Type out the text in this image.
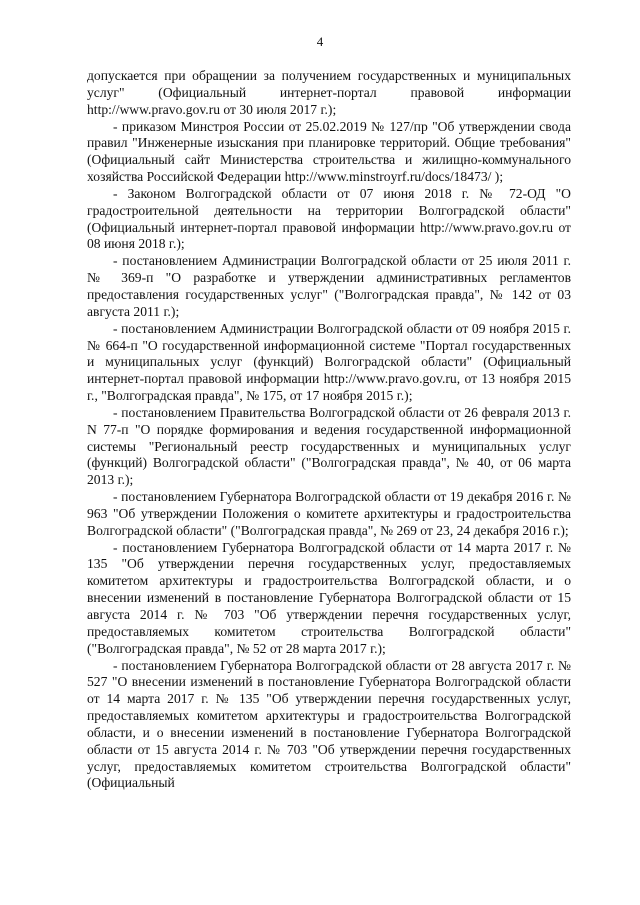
4

допускается при обращении за получением государственных и муниципальных услуг" (Официальный интернет-портал правовой информации http://www.pravo.gov.ru от 30 июля 2017 г.);

- приказом Минстроя России от 25.02.2019 № 127/пр "Об утверждении свода правил "Инженерные изыскания при планировке территорий. Общие требования" (Официальный сайт Министерства строительства и жилищно-коммунального хозяйства Российской Федерации http://www.minstroyrf.ru/docs/18473/ );

- Законом Волгоградской области от 07 июня 2018 г. № 72-ОД "О градостроительной деятельности на территории Волгоградской области" (Официальный интернет-портал правовой информации http://www.pravo.gov.ru от 08 июня 2018 г.);

- постановлением Администрации Волгоградской области от 25 июля 2011 г. № 369-п "О разработке и утверждении административных регламентов предоставления государственных услуг" ("Волгоградская правда", № 142 от 03 августа 2011 г.);

- постановлением Администрации Волгоградской области от 09 ноября 2015 г. № 664-п "О государственной информационной системе "Портал государственных и муниципальных услуг (функций) Волгоградской области" (Официальный интернет-портал правовой информации http://www.pravo.gov.ru, от 13 ноября 2015 г., "Волгоградская правда", № 175, от 17 ноября 2015 г.);

- постановлением Правительства Волгоградской области от 26 февраля 2013 г. N 77-п "О порядке формирования и ведения государственной информационной системы "Региональный реестр государственных и муниципальных услуг (функций) Волгоградской области" ("Волгоградская правда", № 40, от 06 марта 2013 г.);

- постановлением Губернатора Волгоградской области от 19 декабря 2016 г. № 963 "Об утверждении Положения о комитете архитектуры и градостроительства Волгоградской области" ("Волгоградская правда", № 269 от 23, 24 декабря 2016 г.);

- постановлением Губернатора Волгоградской области от 14 марта 2017 г. № 135 "Об утверждении перечня государственных услуг, предоставляемых комитетом архитектуры и градостроительства Волгоградской области, и о внесении изменений в постановление Губернатора Волгоградской области от 15 августа 2014 г. № 703 "Об утверждении перечня государственных услуг, предоставляемых комитетом строительства Волгоградской области" ("Волгоградская правда", № 52 от 28 марта 2017 г.);

- постановлением Губернатора Волгоградской области от 28 августа 2017 г. № 527 "О внесении изменений в постановление Губернатора Волгоградской области от 14 марта 2017 г. № 135 "Об утверждении перечня государственных услуг, предоставляемых комитетом архитектуры и градостроительства Волгоградской области, и о внесении изменений в постановление Губернатора Волгоградской области от 15 августа 2014 г. № 703 "Об утверждении перечня государственных услуг, предоставляемых комитетом строительства Волгоградской области" (Официальный
